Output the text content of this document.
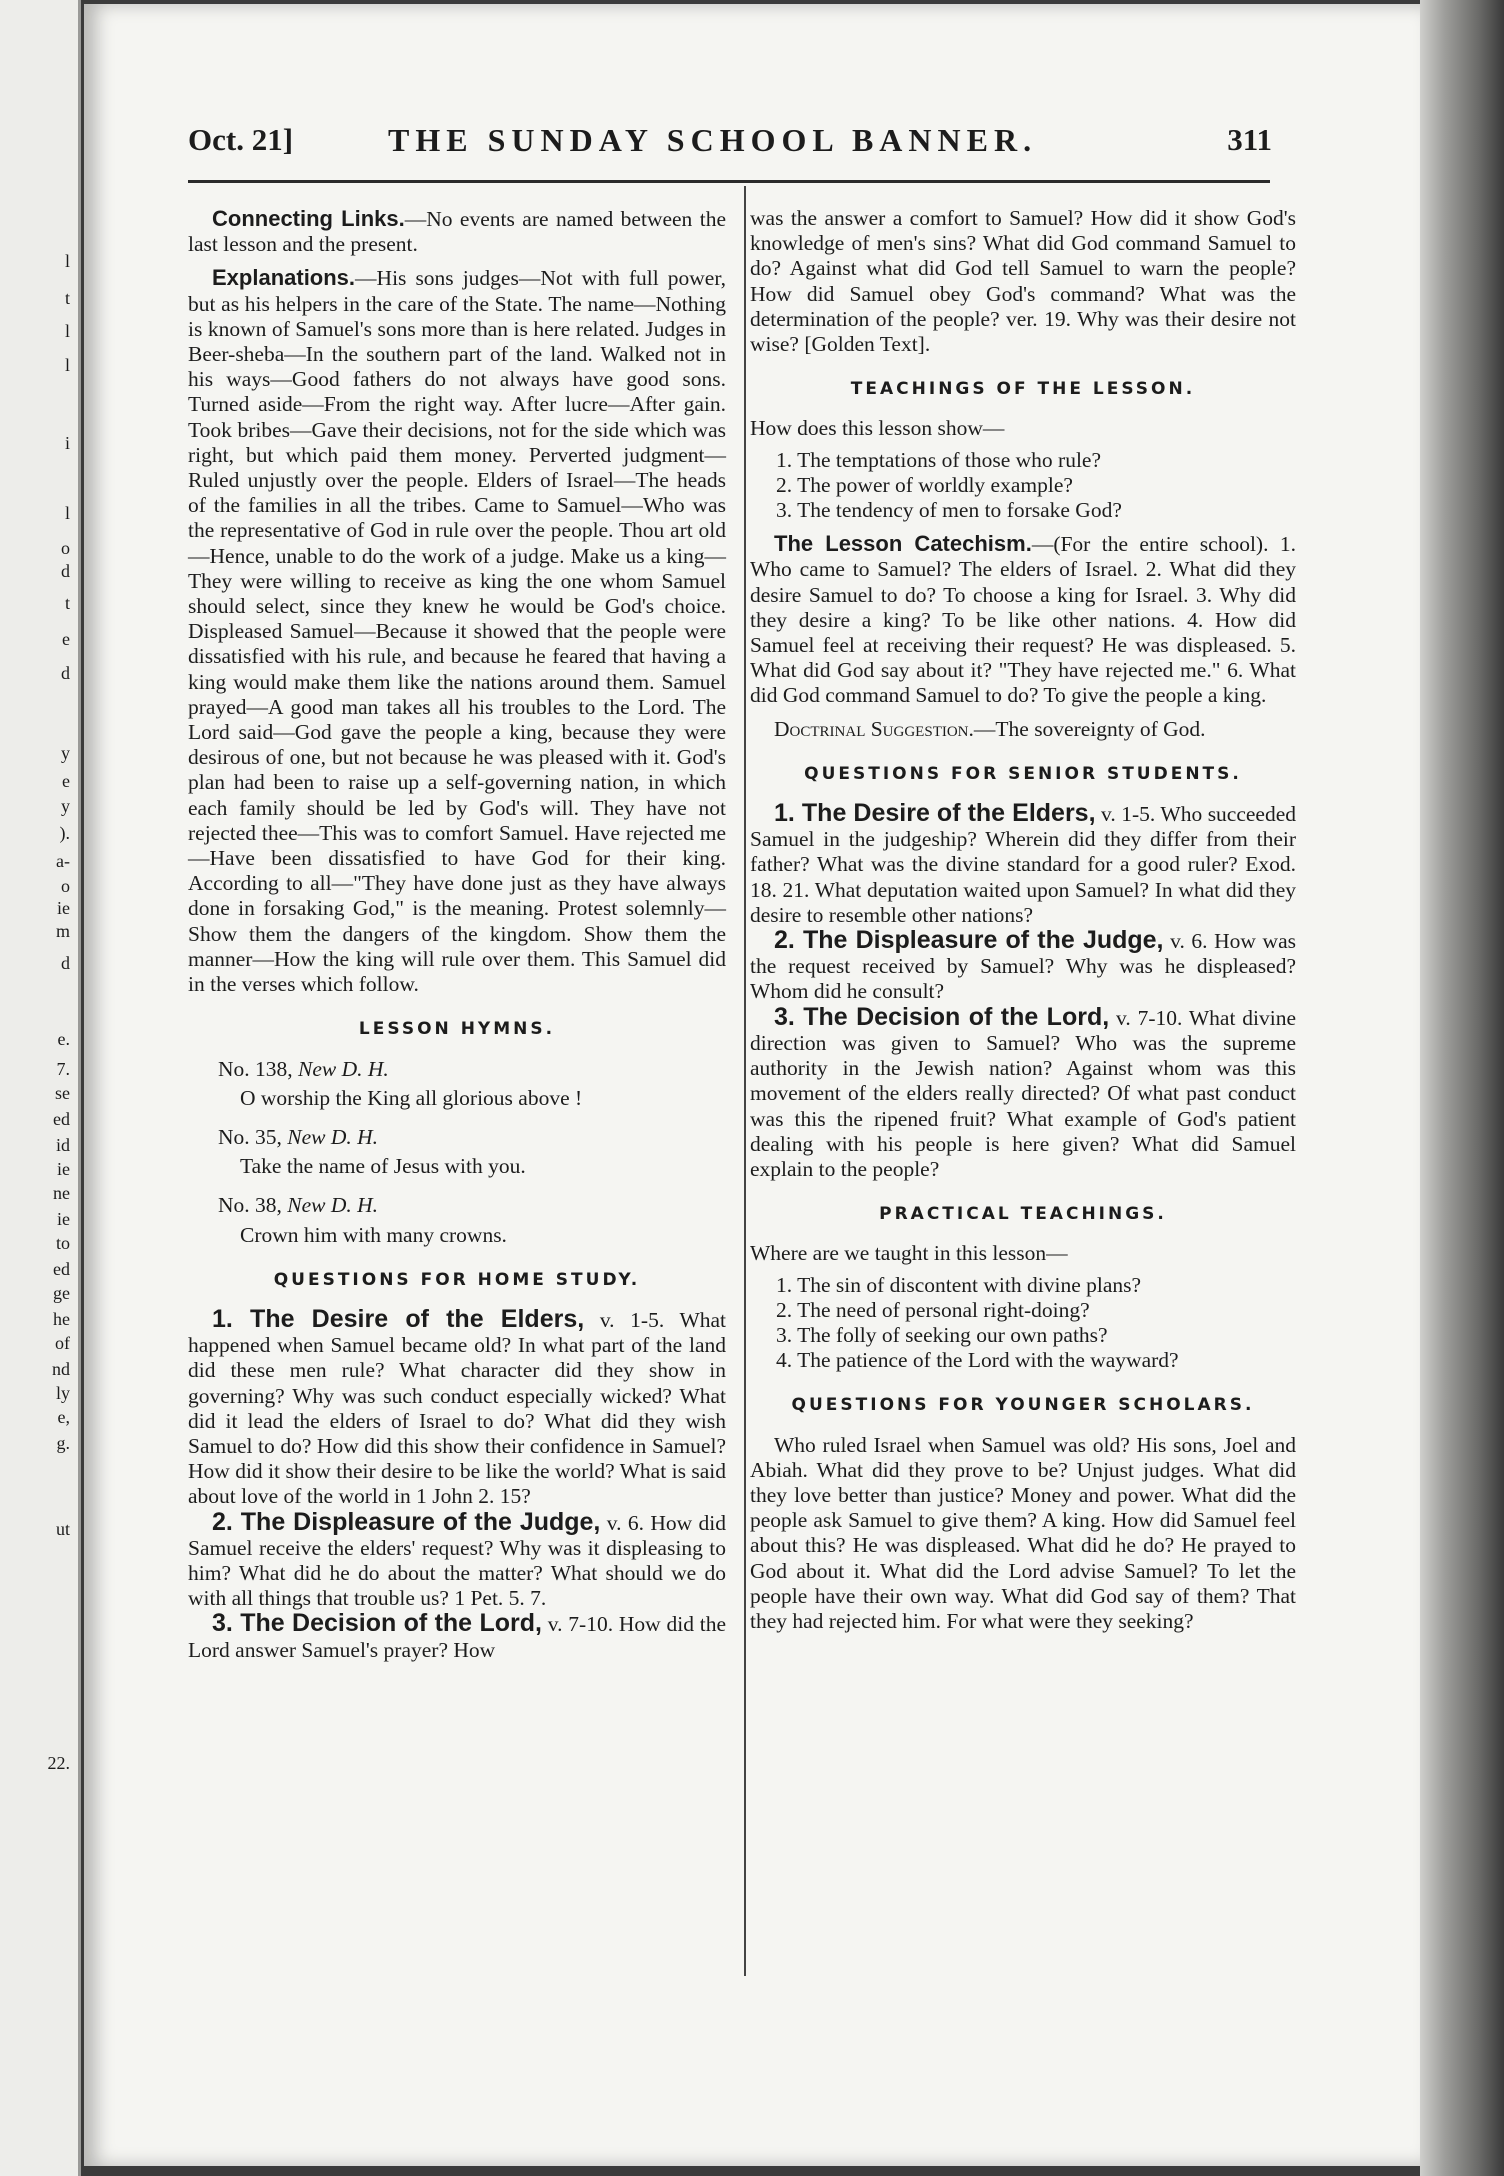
l
t
l
l
i
l
o
d
t
e
d
y
e
y
).
a-
o
ie
m
d
e.
7.
se
ed
id
ie
ne
ie
to
ed
ge
he
of
nd
ly
e,
g.
ut
22.
Oct. 21]	THE SUNDAY SCHOOL BANNER.	311

Connecting Links.—No events are named between the last lesson and the present.

Explanations.—His sons judges—Not with full power, but as his helpers in the care of the State. The name—Nothing is known of Samuel's sons more than is here related. Judges in Beer-sheba—In the southern part of the land. Walked not in his ways—Good fathers do not always have good sons. Turned aside—From the right way. After lucre—After gain. Took bribes—Gave their decisions, not for the side which was right, but which paid them money. Perverted judgment—Ruled unjustly over the people. Elders of Israel—The heads of the families in all the tribes. Came to Samuel—Who was the representative of God in rule over the people. Thou art old—Hence, unable to do the work of a judge. Make us a king—They were willing to receive as king the one whom Samuel should select, since they knew he would be God's choice. Displeased Samuel—Because it showed that the people were dissatisfied with his rule, and because he feared that having a king would make them like the nations around them. Samuel prayed—A good man takes all his troubles to the Lord. The Lord said—God gave the people a king, because they were desirous of one, but not because he was pleased with it. God's plan had been to raise up a self-governing nation, in which each family should be led by God's will. They have not rejected thee—This was to comfort Samuel. Have rejected me—Have been dissatisfied to have God for their king. According to all—"They have done just as they have always done in forsaking God," is the meaning. Protest solemnly—Show them the dangers of the kingdom. Show them the manner—How the king will rule over them. This Samuel did in the verses which follow.

LESSON HYMNS.
No. 138, New D. H.
O worship the King all glorious above !
No. 35, New D. H.
Take the name of Jesus with you.
No. 38, New D. H.
Crown him with many crowns.
QUESTIONS FOR HOME STUDY.

1. The Desire of the Elders, v. 1-5. What happened when Samuel became old? In what part of the land did these men rule? What character did they show in governing? Why was such conduct especially wicked? What did it lead the elders of Israel to do? What did they wish Samuel to do? How did this show their confidence in Samuel? How did it show their desire to be like the world? What is said about love of the world in 1 John 2. 15?

2. The Displeasure of the Judge, v. 6. How did Samuel receive the elders' request? Why was it displeasing to him? What did he do about the matter? What should we do with all things that trouble us? 1 Pet. 5. 7.

3. The Decision of the Lord, v. 7-10. How did the Lord answer Samuel's prayer? How

was the answer a comfort to Samuel? How did it show God's knowledge of men's sins? What did God command Samuel to do? Against what did God tell Samuel to warn the people? How did Samuel obey God's command? What was the determination of the people? ver. 19. Why was their desire not wise? [Golden Text].

TEACHINGS OF THE LESSON.

How does this lesson show—

1. The temptations of those who rule?
2. The power of worldly example?
3. The tendency of men to forsake God?

The Lesson Catechism.—(For the entire school). 1. Who came to Samuel? The elders of Israel. 2. What did they desire Samuel to do? To choose a king for Israel. 3. Why did they desire a king? To be like other nations. 4. How did Samuel feel at receiving their request? He was displeased. 5. What did God say about it? "They have rejected me." 6. What did God command Samuel to do? To give the people a king.

Doctrinal Suggestion.—The sovereignty of God.

QUESTIONS FOR SENIOR STUDENTS.

1. The Desire of the Elders, v. 1-5. Who succeeded Samuel in the judgeship? Wherein did they differ from their father? What was the divine standard for a good ruler? Exod. 18. 21. What deputation waited upon Samuel? In what did they desire to resemble other nations?

2. The Displeasure of the Judge, v. 6. How was the request received by Samuel? Why was he displeased? Whom did he consult?

3. The Decision of the Lord, v. 7-10. What divine direction was given to Samuel? Who was the supreme authority in the Jewish nation? Against whom was this movement of the elders really directed? Of what past conduct was this the ripened fruit? What example of God's patient dealing with his people is here given? What did Samuel explain to the people?

PRACTICAL TEACHINGS.

Where are we taught in this lesson—

1. The sin of discontent with divine plans?
2. The need of personal right-doing?
3. The folly of seeking our own paths?
4. The patience of the Lord with the wayward?
QUESTIONS FOR YOUNGER SCHOLARS.

Who ruled Israel when Samuel was old? His sons, Joel and Abiah. What did they prove to be? Unjust judges. What did they love better than justice? Money and power. What did the people ask Samuel to give them? A king. How did Samuel feel about this? He was displeased. What did he do? He prayed to God about it. What did the Lord advise Samuel? To let the people have their own way. What did God say of them? That they had rejected him. For what were they seeking?
